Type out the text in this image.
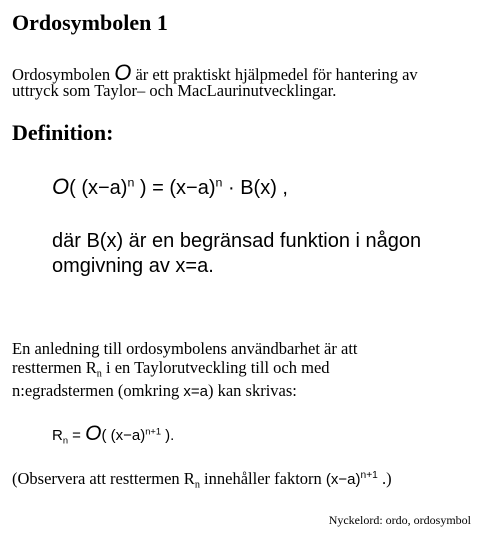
Ordosymbolen 1
Ordosymbolen O är ett praktiskt hjälpmedel för hantering av
uttryck som Taylor– och MacLaurinutvecklingar.
Definition:
O( $(x-a)^n$ ) = $(x-a)^n \cdot B(x)$ ,
där B(x) är en begränsad funktion i någon
omgivning av x=a.
En anledning till ordosymbolens användbarhet är att
resttermen $R_n$ i en Taylorutveckling till och med
n:egradstermen (omkring x=a) kan skrivas:
$R_n = O$( $(x-a)^{n+1}$ ).
(Observera att resttermen $R_n$ innehåller faktorn $(x-a)^{n+1}$ .)
Nyckelord: ordo, ordosymbol
